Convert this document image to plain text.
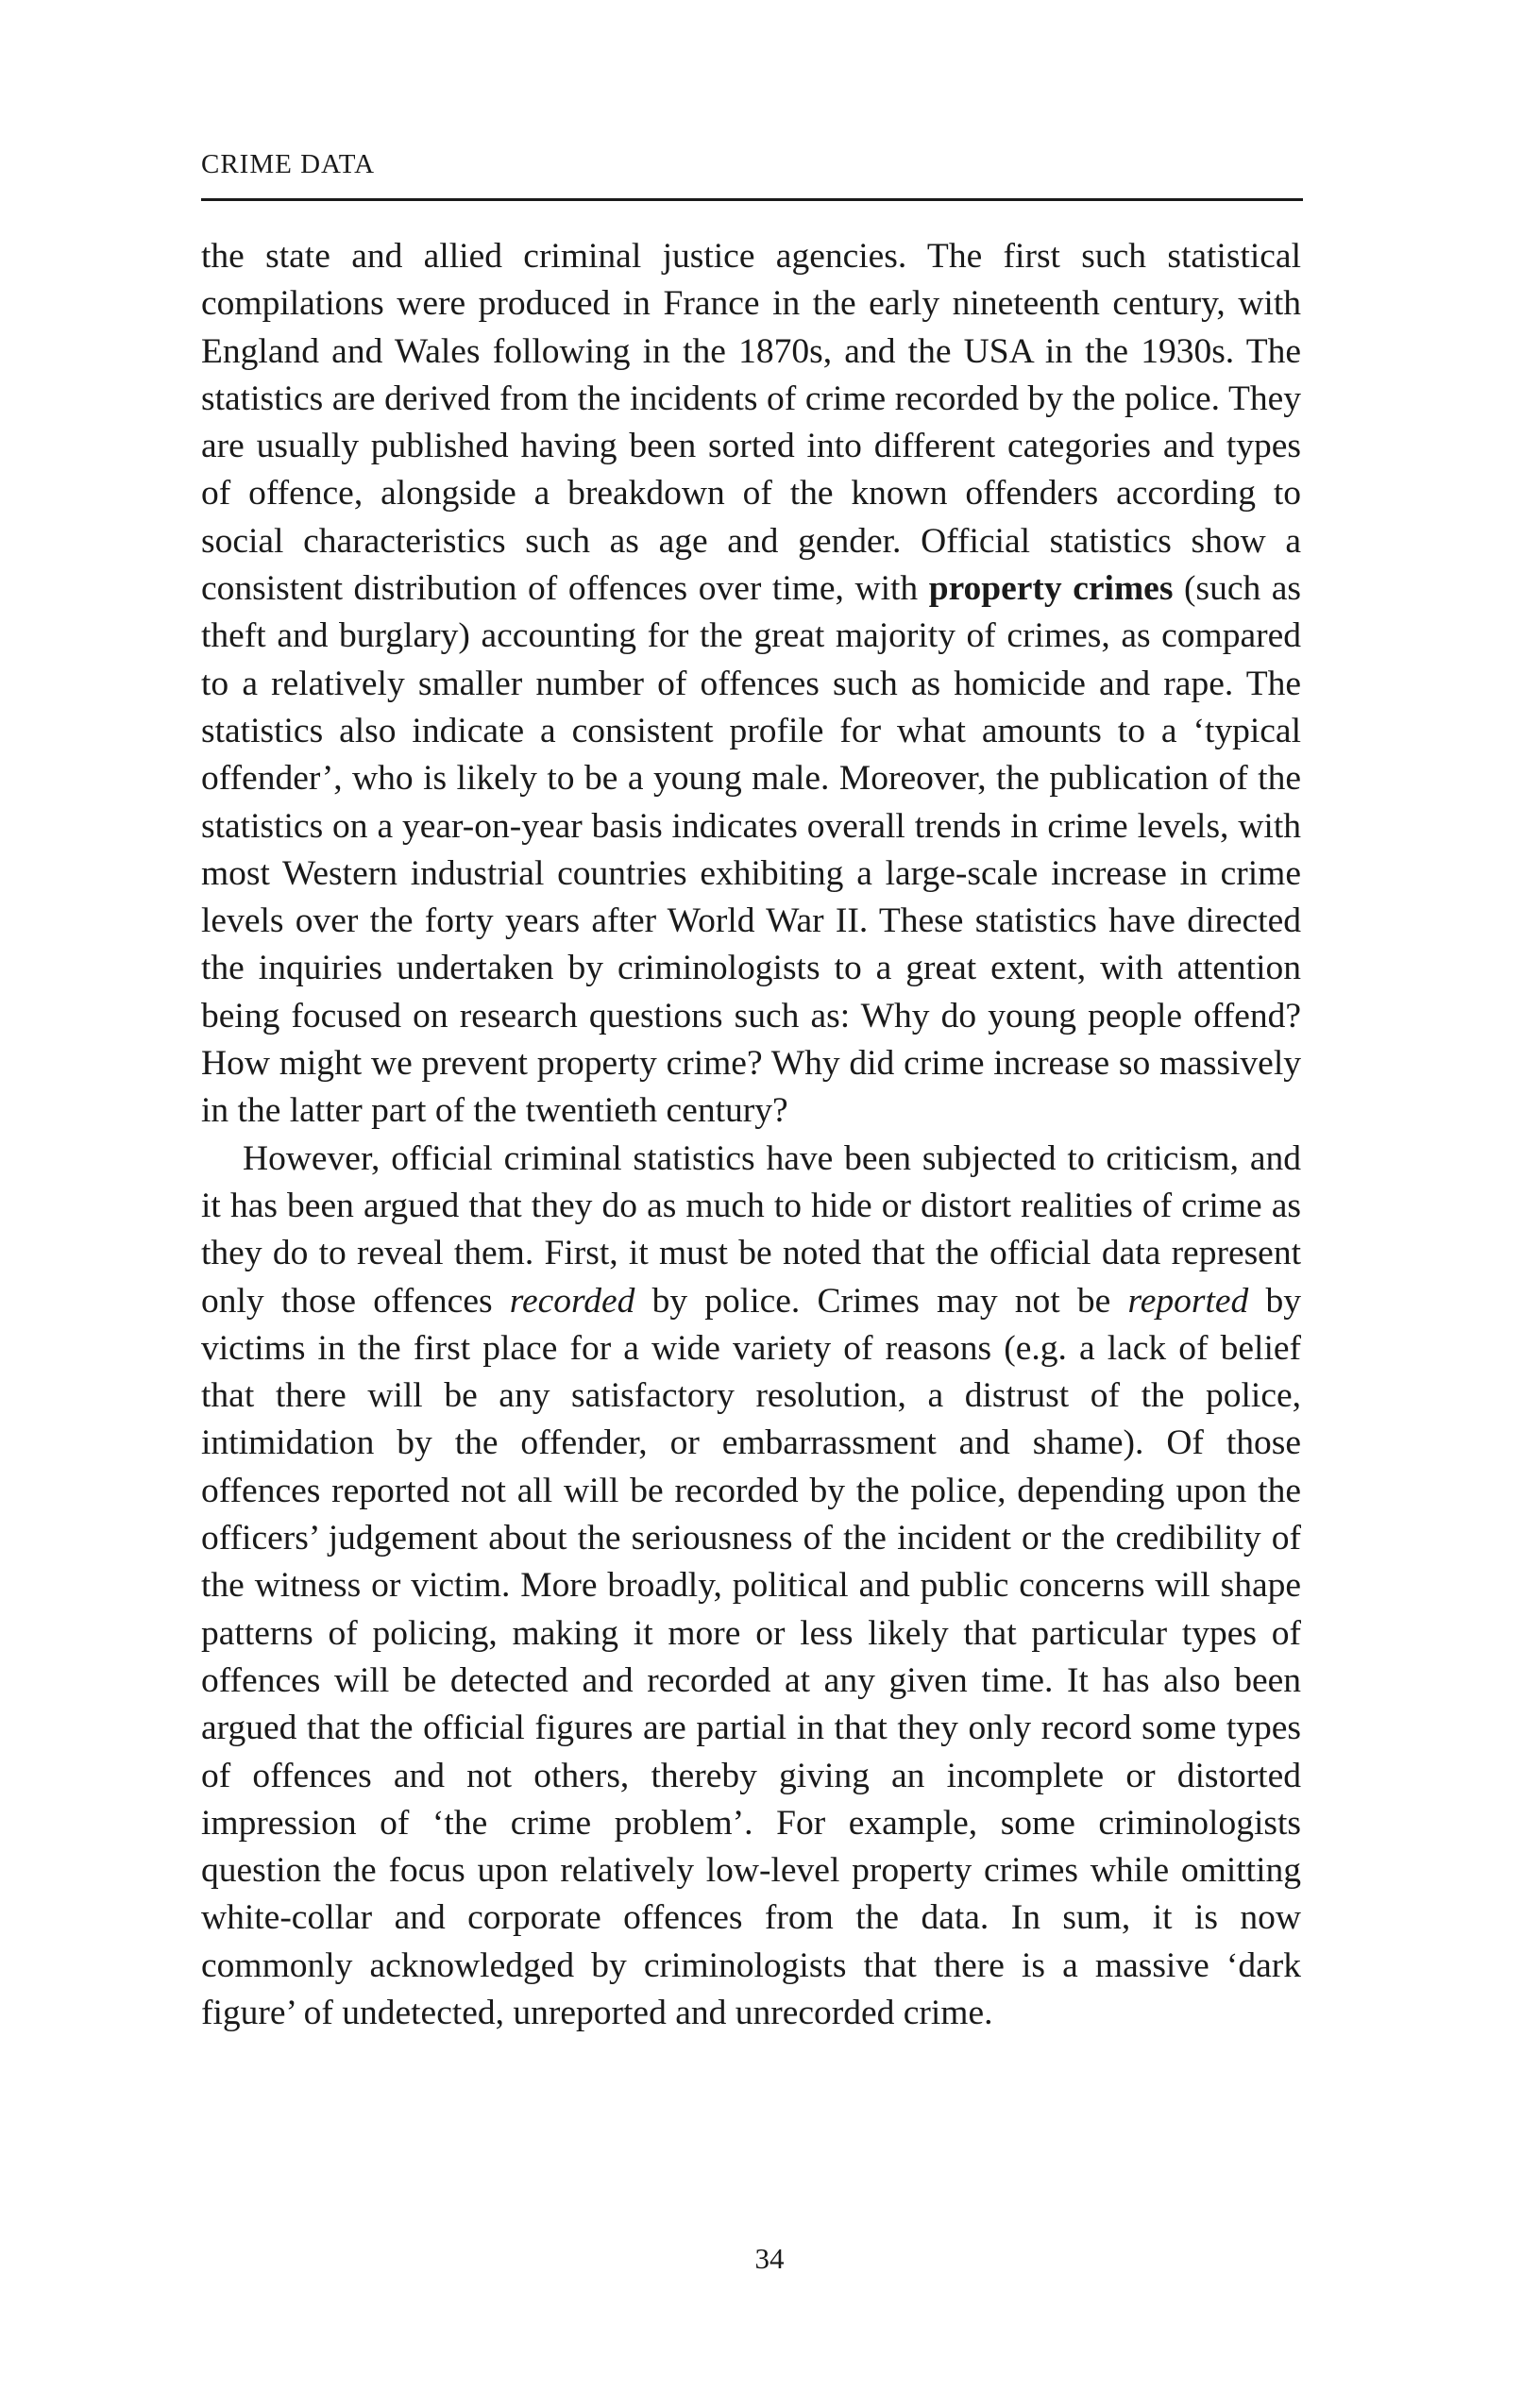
CRIME DATA

the state and allied criminal justice agencies. The first such statistical compilations were produced in France in the early nineteenth century, with England and Wales following in the 1870s, and the USA in the 1930s. The statistics are derived from the incidents of crime recorded by the police. They are usually published having been sorted into different categories and types of offence, alongside a breakdown of the known offenders according to social characteristics such as age and gender. Official statistics show a consistent distribution of offences over time, with property crimes (such as theft and burglary) accounting for the great majority of crimes, as compared to a relatively smaller number of offences such as homicide and rape. The statistics also indicate a consistent profile for what amounts to a ‘typical offender’, who is likely to be a young male. Moreover, the publication of the statistics on a year-on-year basis indicates overall trends in crime levels, with most Western industrial countries exhibiting a large-scale increase in crime levels over the forty years after World War II. These statistics have directed the inquiries undertaken by criminologists to a great extent, with attention being focused on research questions such as: Why do young people offend? How might we prevent property crime? Why did crime increase so massively in the latter part of the twentieth century?

However, official criminal statistics have been subjected to criticism, and it has been argued that they do as much to hide or distort realities of crime as they do to reveal them. First, it must be noted that the official data represent only those offences recorded by police. Crimes may not be reported by victims in the first place for a wide variety of reasons (e.g. a lack of belief that there will be any satisfactory resolution, a distrust of the police, intimidation by the offender, or embarrassment and shame). Of those offences reported not all will be recorded by the police, depending upon the officers’ judgement about the seriousness of the incident or the credibility of the witness or victim. More broadly, political and public concerns will shape patterns of policing, making it more or less likely that particular types of offences will be detected and recorded at any given time. It has also been argued that the official figures are partial in that they only record some types of offences and not others, thereby giving an incomplete or distorted impression of ‘the crime problem’. For example, some criminologists question the focus upon relatively low-level property crimes while omitting white-collar and corporate offences from the data. In sum, it is now commonly acknowledged by criminologists that there is a massive ‘dark figure’ of undetected, unreported and unrecorded crime.

34
